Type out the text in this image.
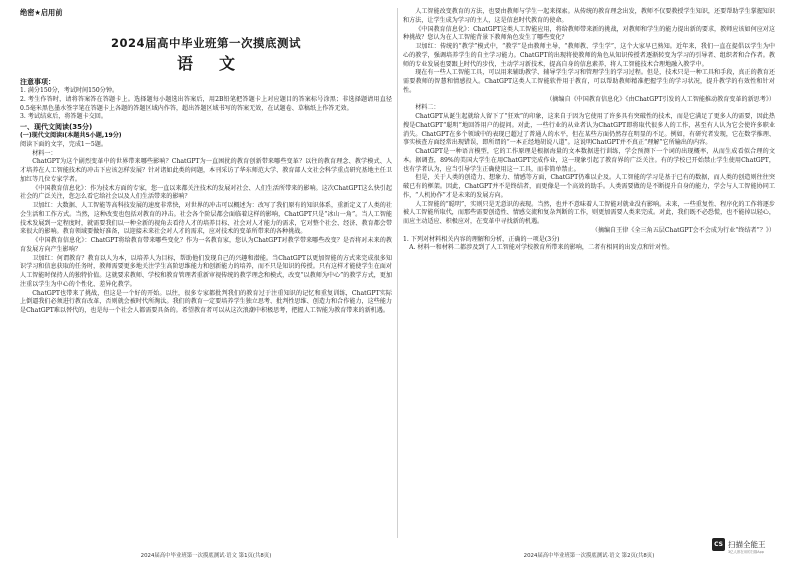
绝密★启用前
2024届高中毕业班第一次摸底测试
语文
注意事项：

1. 满分150分，考试时间150分钟。

2. 考生作答时，请将答案答在答题卡上。选择题每小题选出答案后，用2B铅笔把答题卡上对应题目的答案标号涂黑；非选择题请用直径0.5毫米黑色墨水签字笔在答题卡上各题的答题区域内作答，超出答题区域书写的答案无效，在试题卷、草稿纸上作答无效。

3. 考试结束后，将答题卡交回。

一、现代文阅读(35分)
(一)现代文阅读Ⅰ(本题共5小题,19分)
阅读下面的文字，完成1～5题。

材料一：

ChatGPT为这个剧烈变革中的世界带来哪些影响？ChatGPT为一直困扰的教育创新带来哪些变革？以往的教育理念、教学模式、人才培养在人工智能技术的冲击下应该怎样发展？针对诸如此类的问题，本刊采访了华东师范大学、教育部人文社会科学重点研究基地主任卫加红等几位专家学者。

《中国教育信息化》：作为技术方面的专家，您一直以来都关注技术的发展对社会、人们生活所带来的影响。这次ChatGPT这么快引起社会的广泛关注，您怎么看它给社会以及人们生活带来的影响？

卫加红：大数据、人工智能等高科技发展的速度非常快，对世界的冲击可以概述为：改写了我们原有的知识体系，重新定义了人类的社会生活和工作方式。当然，这种改变也包括对教育的冲击。社会各个阶层都会面临着这样的影响，ChatGPT只是“冰山一角”。当人工智能技术发展到一定程度时，就需要我们以一种全新的视角去看待人才的培养目标、社会对人才能力的需求，它对整个社会、经济、教育都会带来很大的影响。教育领域要做好准备，以迎接未来社会对人才的需求，应对技术的变革所带来的各种挑战。

《中国教育信息化》：ChatGPT将给教育带来哪些变化？作为一名教育家，您认为ChatGPT对教学带来哪些改变？是否将对未来的教育发展方向产生影响？

卫加红：何谓教育？教育以人为本，以培养人为目标，帮助他们发现自己的兴趣和潜能。当ChatGPT以更加智能的方式来完成很多知识学习和信息获取的任务时，教师需要更多地关注学生高阶思维能力和创新能力的培养，而不只是知识的传授。只有这样才能使学生在面对人工智能时保持人的独特价值。这就要求教师、学校和教育管理者重新审视传统的教学理念和模式，改变“以教师为中心”的教学方式，更加注重以学生为中心的个性化、差异化教学。

ChatGPT也带来了挑战，但这是一个好的开始。以往，很多专家都批判我们的教育过于注重知识的记忆和重复训练，ChatGPT实际上倒逼我们必须进行教育改革，否则就会被时代所淘汰。我们的教育一定要培养学生独立思考、批判性思维、创造力和合作能力，这些能力是ChatGPT难以替代的，也是每一个社会人都需要具备的。希望教育者可以从这次浪潮中积极思考，把握人工智能为教育带来的新机遇。

2024届高中毕业班第一次摸底测试·语文 第1页(共8页)

人工智能改变教育的方法，也要由教师与学生一起来探索。从传统的教育理念出发，教师不仅要教授学生知识，还要帮助学生掌握知识和方法，让学生成为学习的主人，这是信息时代教育的使命。

《中国教育信息化》：ChatGPT这类人工智能应用，将给教师带来新的挑战，对教师和学生的能力提出新的要求，教师应该如何应对这种挑战？您认为在人工智能背景下教师角色发生了哪些变化？

卫加红：传统的“教学”模式中，“教学”是由教师主导，“教师教、学生学”，这个大家早已熟知。近年来，我们一直在提倡以学生为中心的教学，强调培养学生的自主学习能力。ChatGPT的出现将使教师的角色从知识传授者逐渐转变为学习的引导者、组织者和合作者。教师的专业发展也要跟上时代的步伐，主动学习新技术，提高自身的信息素养，将人工智能技术合理地融入教学中。

现在有一些人工智能工具，可以用来辅助教学、辅导学生学习和管理学生的学习过程。但是，技术只是一种工具和手段，真正的教育还需要教师的智慧和情感投入。ChatGPT这类人工智能软件用于教育，可以帮助教师精准把握学生的学习状况，提升教学的有效性和针对性。

（摘编自《中国教育信息化》《由ChatGPT引发的人工智能推动教育变革的新思考》）

材料二：

ChatGPT从诞生起就给人留下了“狂欢”的印象，这来自于因为它使用了许多具有突破性的技术，而是它满足了更多人的需要，因此热搜是ChatGPT“聪明”地回答用户的提问。对此，一些行业的从业者认为ChatGPT即将取代很多人的工作，甚至有人认为它会使许多职业消失。ChatGPT在多个领域中的表现已超过了普通人的水平，但在某些方面仍然存在明显的不足。例如，有研究者发现，它在数学推理、事实核查方面经常出现错误，即所谓的“一本正经地胡说八道”。这说明ChatGPT并不真正“理解”它所输出的内容。

ChatGPT是一种语言模型，它的工作原理是根据海量的文本数据进行训练，学会预测下一个词的出现概率，从而生成看似合理的文本。据调查，89%的美国大学生在用ChatGPT完成作业，这一现象引起了教育界的广泛关注。有的学校已开始禁止学生使用ChatGPT，也有学者认为，应当引导学生正确使用这一工具，而非简单禁止。

但是，关于人类的创造力、想象力、情感等方面，ChatGPT仍难以企及。人工智能的学习是基于已有的数据，而人类的创造则往往突破已有的框架。因此，ChatGPT并不是终结者，而更像是一个高效的助手。人类需要做的是不断提升自身的能力，学会与人工智能协同工作，“人机协作”才是未来的发展方向。

人工智能的“聪明”，实则只是无意识的表现。当然，也并不意味着人工智能对就业没有影响。未来，一些重复性、程序化的工作将逐步被人工智能所取代，而那些需要创造性、情感交流和复杂判断的工作，则更加需要人类来完成。对此，我们既不必恐慌，也不能掉以轻心，而应主动适应、积极应对，在变革中寻找新的机遇。

（摘编自王律《全三角五层ChatGPT会不会成为行业“终结者”？》）
1. 下列对材料相关内容的理解和分析，正确的一项是(3分)

A. 材料一和材料二都涉及到了人工智能对学校教育所带来的影响，二者有相同的出发点和针对性。

2024届高中毕业班第一次摸底测试·语文 第2页(共8页)
CS 扫描全能王
3亿人都在用的扫描App
